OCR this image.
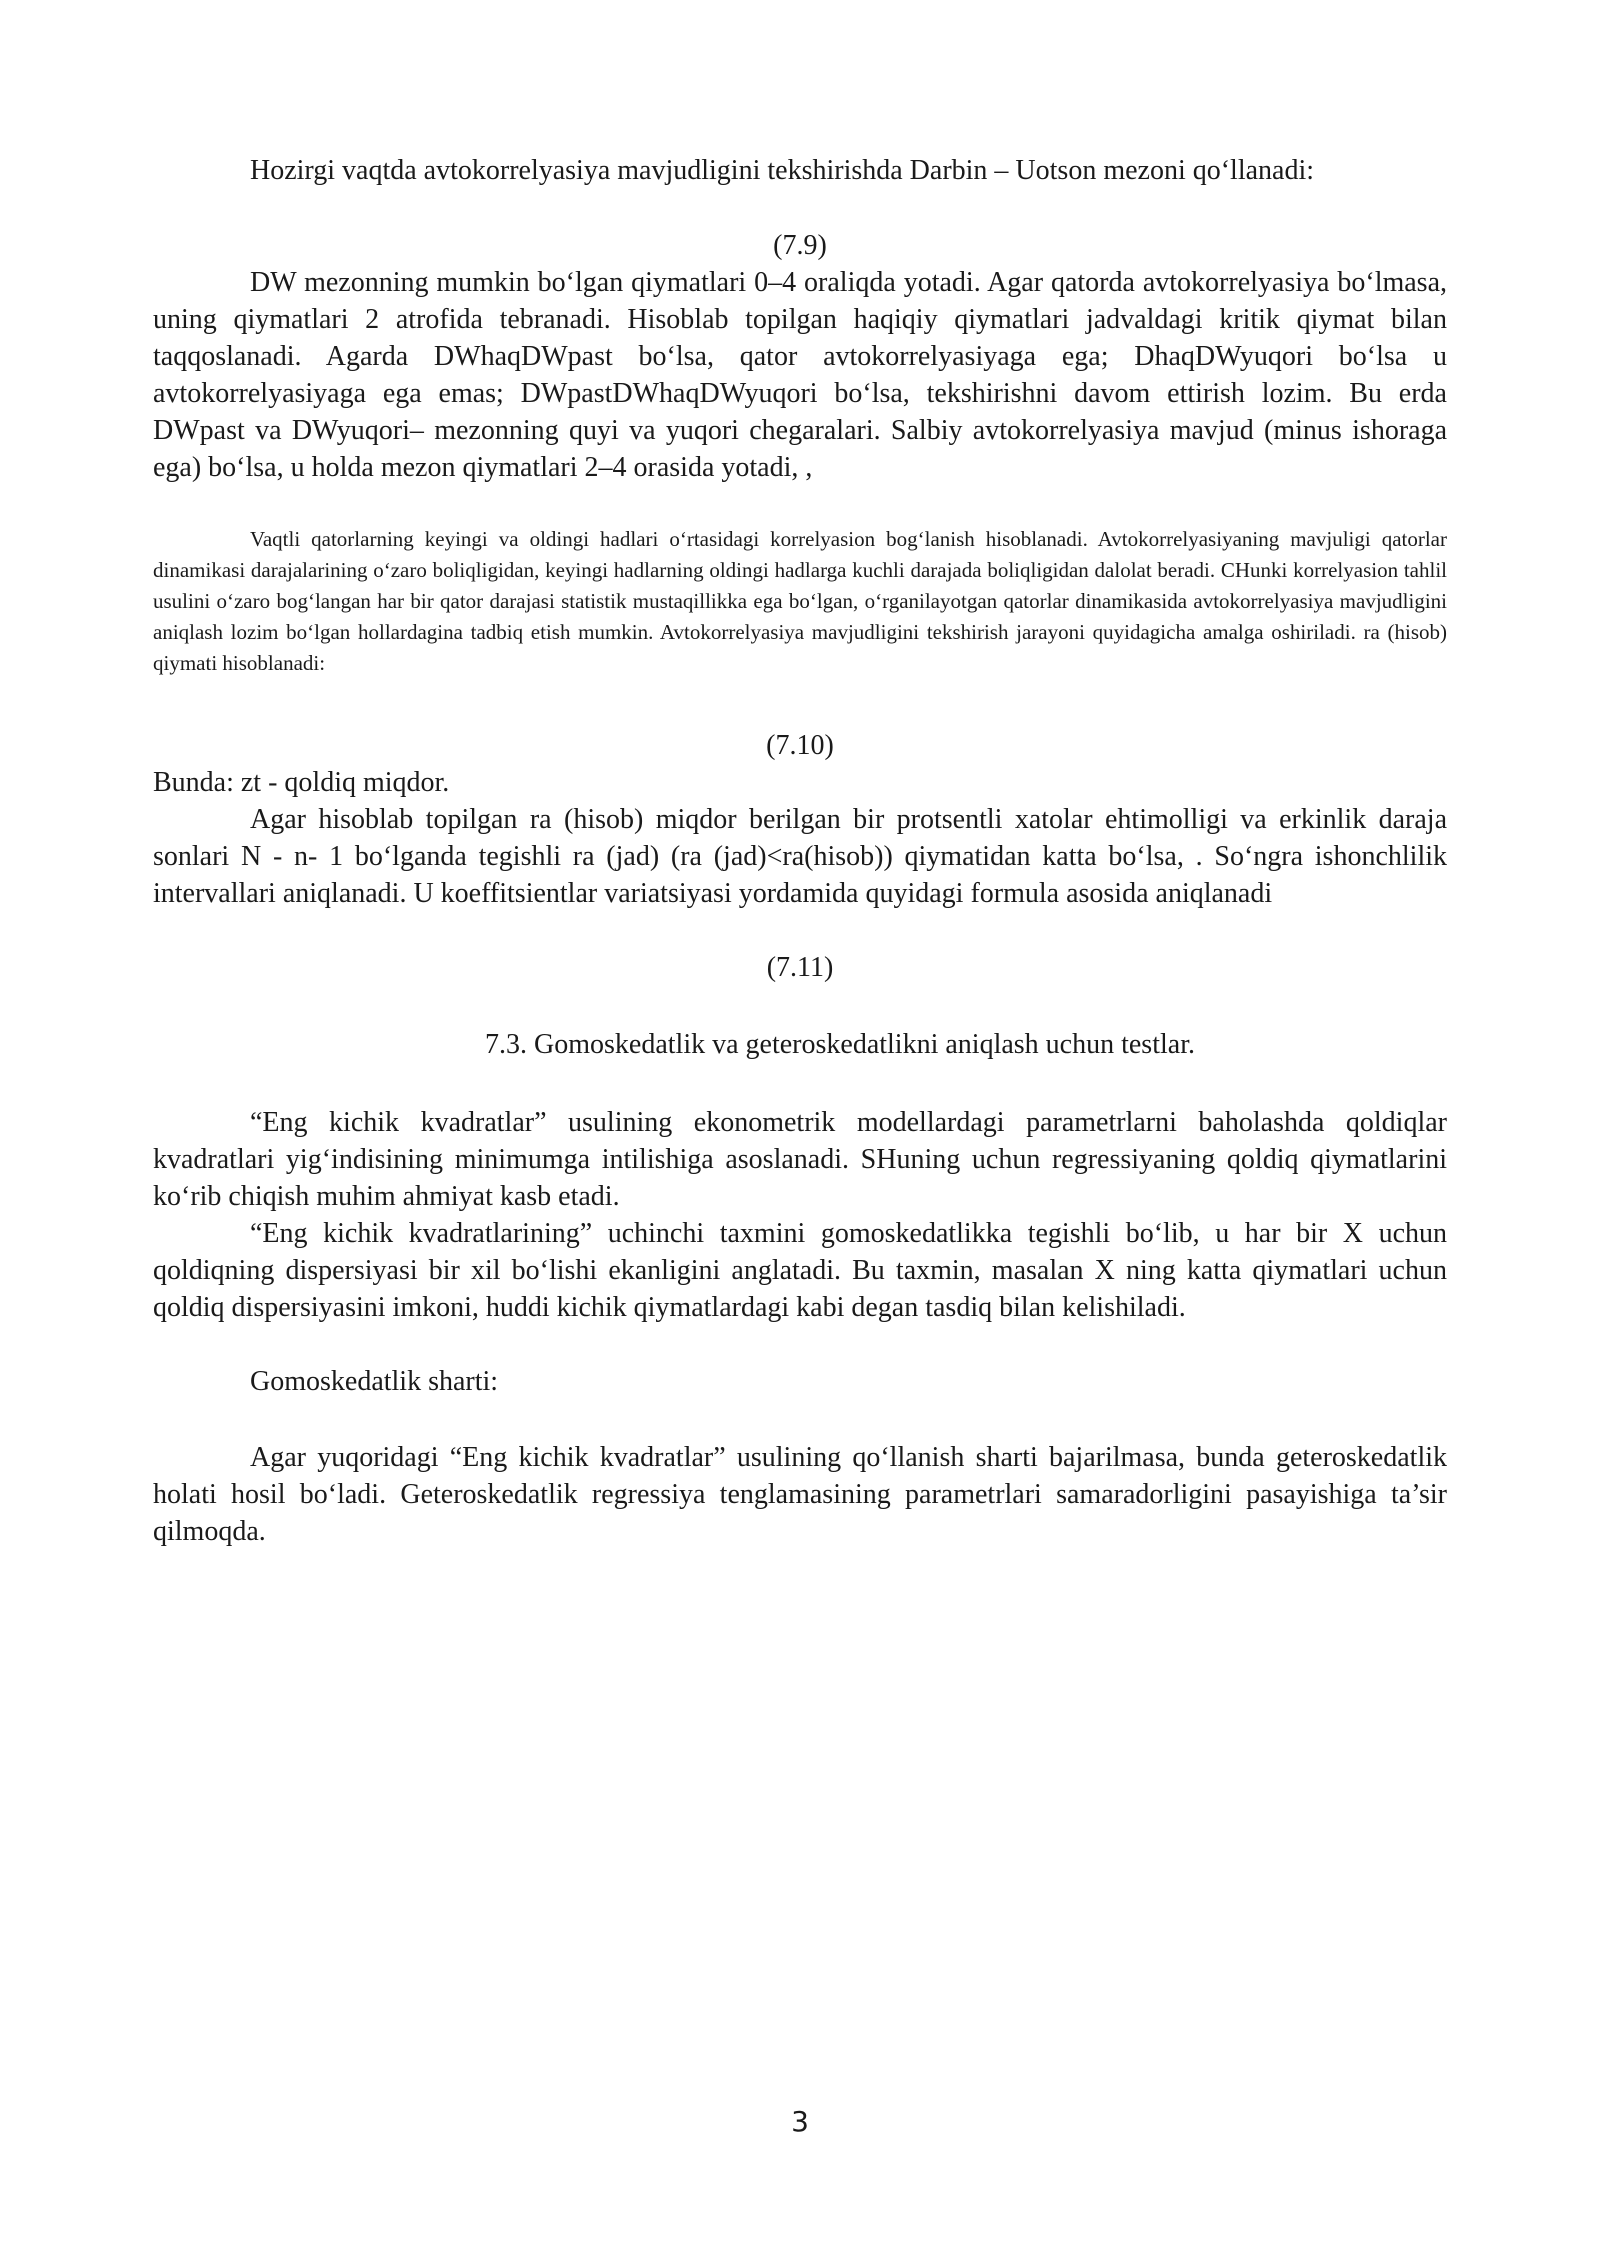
Hozirgi vaqtda avtokorrelyasiya mavjudligini tekshirishda Darbin – Uotson mezoni qo‘llanadi:

(7.9)

DW mezonning mumkin bo‘lgan qiymatlari 0–4 oraliqda yotadi. Agar qatorda avtokorrelyasiya bo‘lmasa, uning qiymatlari 2 atrofida tebranadi. Hisoblab topilgan haqiqiy qiymatlari jadvaldagi kritik qiymat bilan taqqoslanadi. Agarda DWhaqDWpast bo‘lsa, qator avtokorrelyasiyaga ega; DhaqDWyuqori bo‘lsa u avtokorrelyasiyaga ega emas; DWpastDWhaqDWyuqori bo‘lsa, tekshirishni davom ettirish lozim. Bu erda DWpast va DWyuqori– mezonning quyi va yuqori chegaralari. Salbiy avtokorrelyasiya mavjud (minus ishoraga ega) bo‘lsa, u holda mezon qiymatlari 2–4 orasida yotadi, ,

Vaqtli qatorlarning keyingi va oldingi hadlari o‘rtasidagi korrelyasion bog‘lanish hisoblanadi. Avtokorrelyasiyaning mavjuligi qatorlar dinamikasi darajalarining o‘zaro boliqligidan, keyingi hadlarning oldingi hadlarga kuchli darajada boliqligidan dalolat beradi. CHunki korrelyasion tahlil usulini o‘zaro bog‘langan har bir qator darajasi statistik mustaqillikka ega bo‘lgan, o‘rganilayotgan qatorlar dinamikasida avtokorrelyasiya mavjudligini aniqlash lozim bo‘lgan hollardagina tadbiq etish mumkin. Avtokorrelyasiya mavjudligini tekshirish jarayoni quyidagicha amalga oshiriladi. ra (hisob) qiymati hisoblanadi:

(7.10)

Bunda: zt - qoldiq miqdor.

Agar hisoblab topilgan ra (hisob) miqdor berilgan bir protsentli xatolar ehtimolligi va erkinlik daraja sonlari N - n- 1 bo‘lganda tegishli ra (jad) (ra (jad)<ra(hisob)) qiymatidan katta bo‘lsa, . So‘ngra ishonchlilik intervallari aniqlanadi. U koeffitsientlar variatsiyasi yordamida quyidagi formula asosida aniqlanadi

(7.11)
7.3. Gomoskedatlik va geteroskedatlikni aniqlash uchun testlar.

“Eng kichik kvadratlar” usulining ekonometrik modellardagi parametrlarni baholashda qoldiqlar kvadratlari yig‘indisining minimumga intilishiga asoslanadi. SHuning uchun regressiyaning qoldiq qiymatlarini ko‘rib chiqish muhim ahmiyat kasb etadi.

“Eng kichik kvadratlarining” uchinchi taxmini gomoskedatlikka tegishli bo‘lib, u har bir X uchun qoldiqning dispersiyasi bir xil bo‘lishi ekanligini anglatadi. Bu taxmin, masalan X ning katta qiymatlari uchun qoldiq dispersiyasini imkoni, huddi kichik qiymatlardagi kabi degan tasdiq bilan kelishiladi.

Gomoskedatlik sharti:

Agar yuqoridagi “Eng kichik kvadratlar” usulining qo‘llanish sharti bajarilmasa, bunda geteroskedatlik holati hosil bo‘ladi. Geteroskedatlik regressiya tenglamasining parametrlari samaradorligini pasayishiga ta’sir qilmoqda.

3
